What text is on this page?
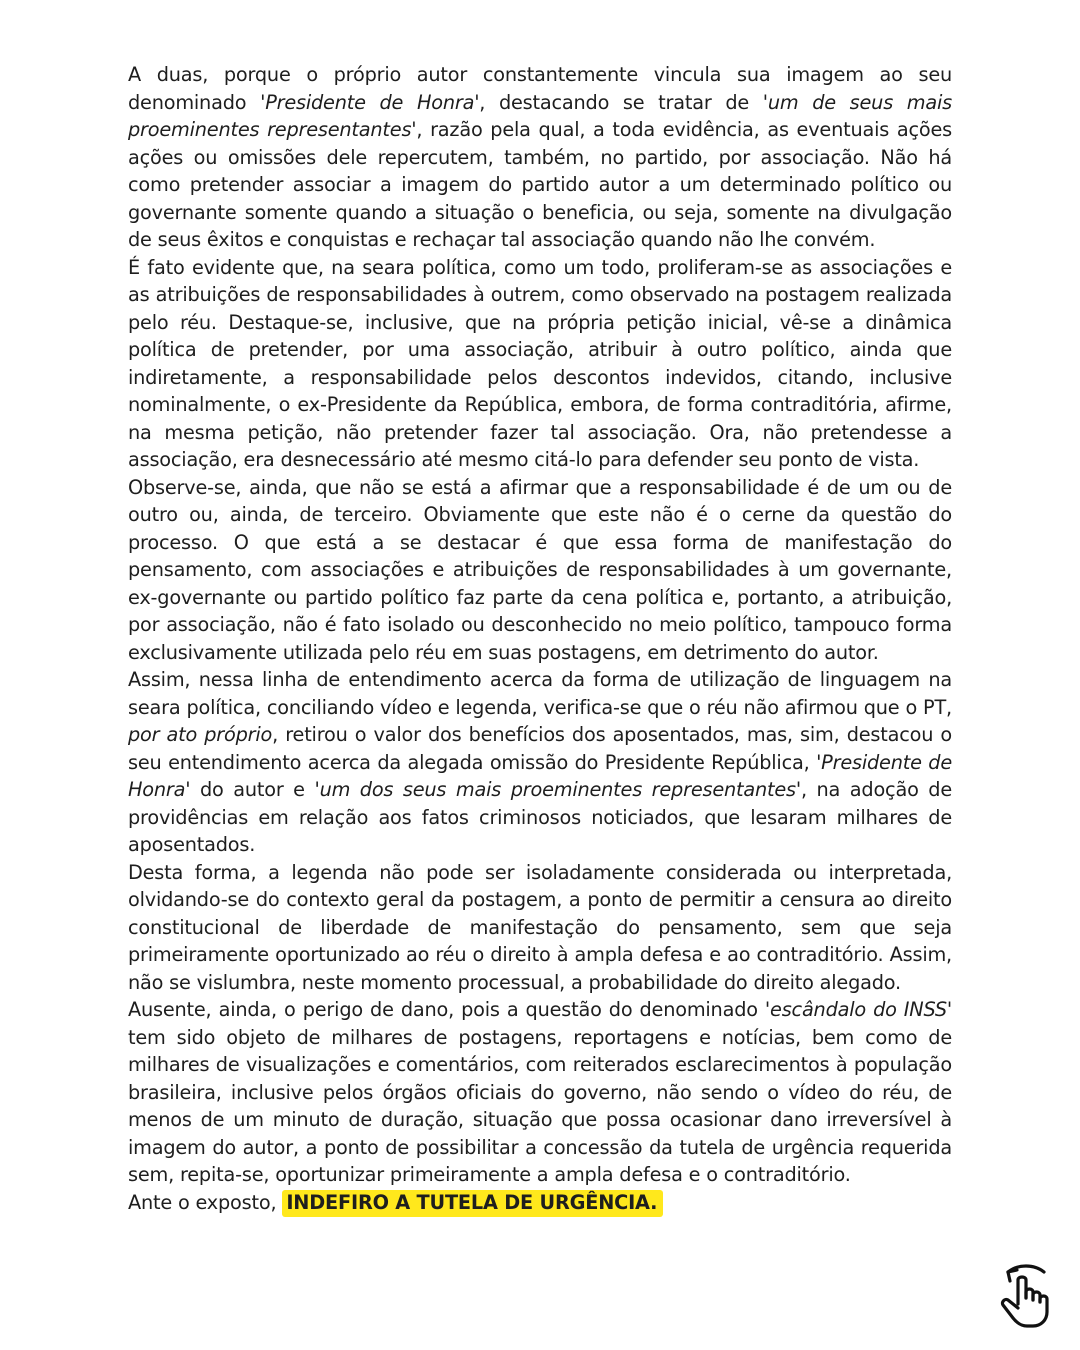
A duas, porque o próprio autor constantemente vincula sua imagem ao seu denominado 'Presidente de Honra', destacando se tratar de 'um de seus mais proeminentes representantes', razão pela qual, a toda evidência, as eventuais ações ações ou omissões dele repercutem, também, no partido, por associação. Não há como pretender associar a imagem do partido autor a um determinado político ou governante somente quando a situação o beneficia, ou seja, somente na divulgação de seus êxitos e conquistas e rechaçar tal associação quando não lhe convém.

É fato evidente que, na seara política, como um todo, proliferam-se as associações e as atribuições de responsabilidades à outrem, como observado na postagem realizada pelo réu. Destaque-se, inclusive, que na própria petição inicial, vê-se a dinâmica política de pretender, por uma associação, atribuir à outro político, ainda que indiretamente, a responsabilidade pelos descontos indevidos, citando, inclusive nominalmente, o ex-Presidente da República, embora, de forma contraditória, afirme, na mesma petição, não pretender fazer tal associação. Ora, não pretendesse a associação, era desnecessário até mesmo citá-lo para defender seu ponto de vista.

Observe-se, ainda, que não se está a afirmar que a responsabilidade é de um ou de outro ou, ainda, de terceiro. Obviamente que este não é o cerne da questão do processo. O que está a se destacar é que essa forma de manifestação do pensamento, com associações e atribuições de responsabilidades à um governante, ex-governante ou partido político faz parte da cena política e, portanto, a atribuição, por associação, não é fato isolado ou desconhecido no meio político, tampouco forma exclusivamente utilizada pelo réu em suas postagens, em detrimento do autor.

Assim, nessa linha de entendimento acerca da forma de utilização de linguagem na seara política, conciliando vídeo e legenda, verifica-se que o réu não afirmou que o PT, por ato próprio, retirou o valor dos benefícios dos aposentados, mas, sim, destacou o seu entendimento acerca da alegada omissão do Presidente República, 'Presidente de Honra' do autor e 'um dos seus mais proeminentes representantes', na adoção de providências em relação aos fatos criminosos noticiados, que lesaram milhares de aposentados.

Desta forma, a legenda não pode ser isoladamente considerada ou interpretada, olvidando-se do contexto geral da postagem, a ponto de permitir a censura ao direito constitucional de liberdade de manifestação do pensamento, sem que seja primeiramente oportunizado ao réu o direito à ampla defesa e ao contraditório. Assim, não se vislumbra, neste momento processual, a probabilidade do direito alegado.

Ausente, ainda, o perigo de dano, pois a questão do denominado 'escândalo do INSS' tem sido objeto de milhares de postagens, reportagens e notícias, bem como de milhares de visualizações e comentários, com reiterados esclarecimentos à população brasileira, inclusive pelos órgãos oficiais do governo, não sendo o vídeo do réu, de menos de um minuto de duração, situação que possa ocasionar dano irreversível à imagem do autor, a ponto de possibilitar a concessão da tutela de urgência requerida sem, repita-se, oportunizar primeiramente a ampla defesa e o contraditório.

Ante o exposto, INDEFIRO A TUTELA DE URGÊNCIA.
